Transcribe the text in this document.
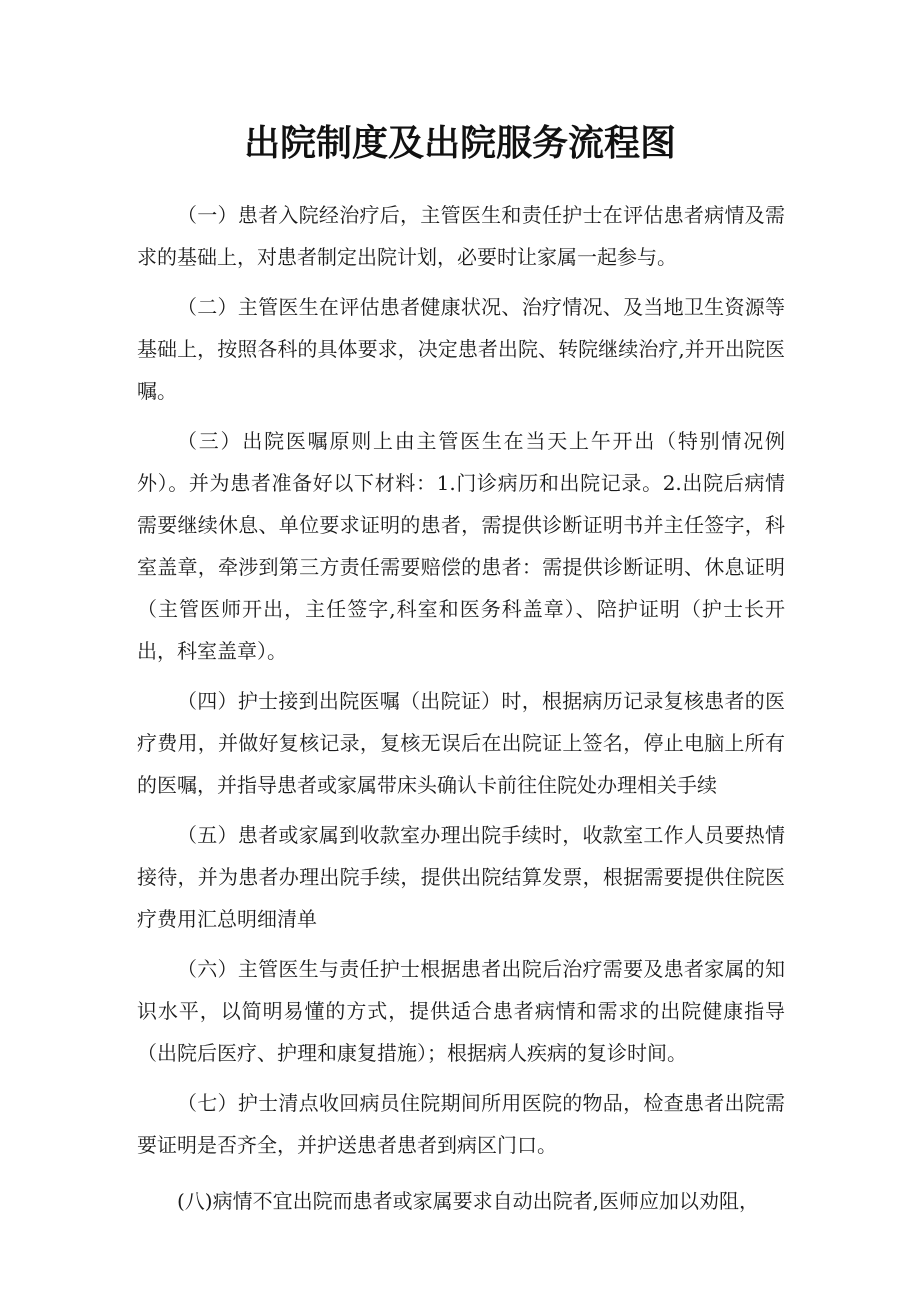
出院制度及出院服务流程图

（一）患者入院经治疗后，主管医生和责任护士在评估患者病情及需求的基础上，对患者制定出院计划，必要时让家属一起参与。

（二）主管医生在评估患者健康状况、治疗情况、及当地卫生资源等基础上，按照各科的具体要求，决定患者出院、转院继续治疗,并开出院医嘱。

（三）出院医嘱原则上由主管医生在当天上午开出（特别情况例外）。并为患者准备好以下材料：1.门诊病历和出院记录。2.出院后病情需要继续休息、单位要求证明的患者，需提供诊断证明书并主任签字，科室盖章，牵涉到第三方责任需要赔偿的患者：需提供诊断证明、休息证明（主管医师开出，主任签字,科室和医务科盖章）、陪护证明（护士长开出，科室盖章）。

（四）护士接到出院医嘱（出院证）时，根据病历记录复核患者的医疗费用，并做好复核记录，复核无误后在出院证上签名，停止电脑上所有的医嘱，并指导患者或家属带床头确认卡前往住院处办理相关手续

（五）患者或家属到收款室办理出院手续时，收款室工作人员要热情接待，并为患者办理出院手续，提供出院结算发票，根据需要提供住院医疗费用汇总明细清单

（六）主管医生与责任护士根据患者出院后治疗需要及患者家属的知识水平，以简明易懂的方式，提供适合患者病情和需求的出院健康指导（出院后医疗、护理和康复措施）；根据病人疾病的复诊时间。

（七）护士清点收回病员住院期间所用医院的物品，检查患者出院需要证明是否齐全，并护送患者患者到病区门口。

(八)病情不宜出院而患者或家属要求自动出院者,医师应加以劝阻，
